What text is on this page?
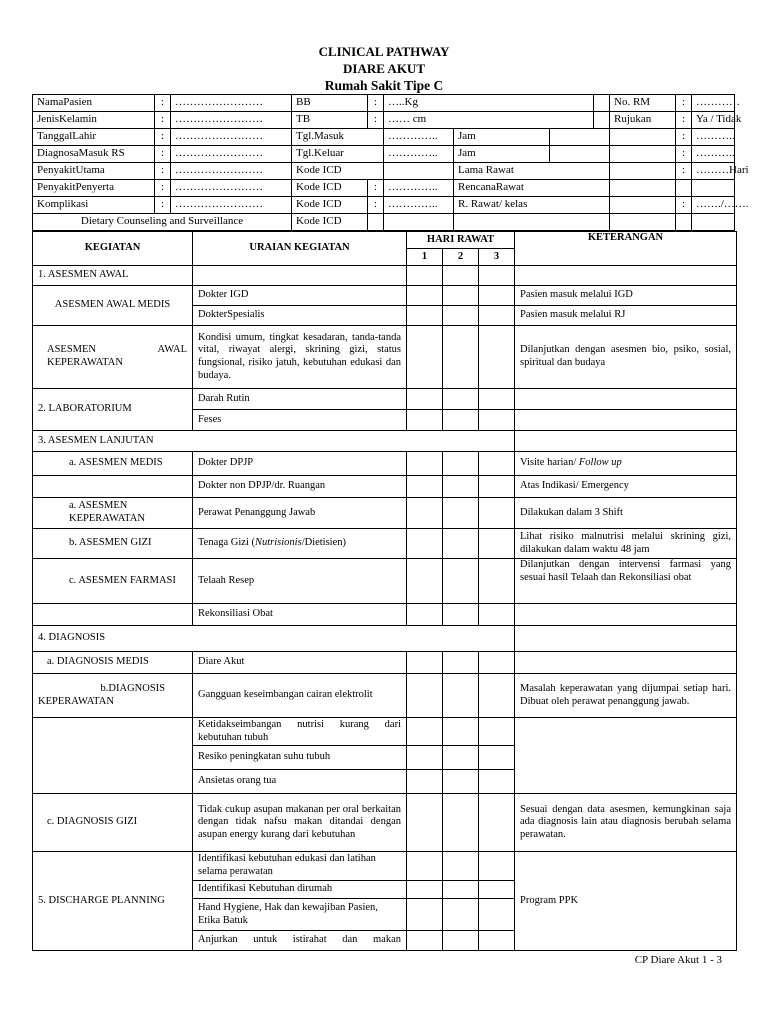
CLINICAL PATHWAY
DIARE AKUT
Rumah Sakit Tipe C
NamaPasien	:	……………………	BB	:	…..Kg				No. RM	:	…………
JenisKelamin	:	……………………	TB	:	…… cm				Rujukan	:	Ya / Tidak
TanggalLahir	:	……………………	Tgl.Masuk		…………..	Jam				:	………..
DiagnosaMasuk RS	:	……………………	Tgl.Keluar		…………..	Jam				:	………..
PenyakitUtama	:	……………………	Kode ICD			Lama Rawat				:	………Hari
PenyakitPenyerta	:	……………………	Kode ICD	:	…………..	RencanaRawat					
Komplikasi	:	……………………	Kode ICD	:	…………..	R. Rawat/ kelas				:	……./…….
Dietary Counseling and Surveillance			Kode ICD								
KEGIATAN	URAIAN KEGIATAN	HARI RAWAT			KETERANGAN
		1	2	3	
1. ASESMEN AWAL					
ASESMEN AWAL MEDIS	Dokter IGD				Pasien masuk melalui IGD
	DokterSpesialis				Pasien masuk melalui RJ
ASESMEN AWAL KEPERAWATAN	Kondisi umum, tingkat kesadaran, tanda-tanda vital, riwayat alergi, skrining gizi, status fungsional, risiko jatuh, kebutuhan edukasi dan budaya.				Dilanjutkan dengan asesmen bio, psiko, sosial, spiritual dan budaya
2. LABORATORIUM	Darah Rutin				
	Feses				
3. ASESMEN LANJUTAN					
a. ASESMEN MEDIS	Dokter DPJP				Visite harian/ Follow up
	Dokter non DPJP/dr. Ruangan				Atas Indikasi/ Emergency
a. ASESMEN KEPERAWATAN	Perawat Penanggung Jawab				Dilakukan dalam 3 Shift
b. ASESMEN GIZI	Tenaga Gizi (Nutrisionis/Dietisien)				Lihat risiko malnutrisi melalui skrining gizi, dilakukan dalam waktu 48 jam
c. ASESMEN FARMASI	Telaah Resep				Dilanjutkan dengan intervensi farmasi yang sesuai hasil Telaah dan Rekonsiliasi obat
	Rekonsiliasi Obat				
4. DIAGNOSIS					
a. DIAGNOSIS MEDIS	Diare Akut				

b.DIAGNOSIS KEPERAWATAN	Gangguan keseimbangan cairan elektrolit				Masalah keperawatan yang dijumpai setiap hari. Dibuat oleh perawat penanggung jawab.
	Ketidakseimbangan nutrisi kurang dari kebutuhan tubuh				
	Resiko peningkatan suhu tubuh				
	Ansietas orang tua				
c. DIAGNOSIS GIZI	Tidak cukup asupan makanan per oral berkaitan dengan tidak nafsu makan ditandai dengan asupan energy kurang dari kebutuhan				Sesuai dengan data asesmen, kemungkinan saja ada diagnosis lain atau diagnosis berubah selama perawatan.
5. DISCHARGE PLANNING	Identifikasi kebutuhan edukasi dan latihan selama perawatan				Program PPK
	Identifikasi Kebutuhan dirumah				
	Hand Hygiene, Hak dan kewajiban Pasien, Etika Batuk				
	Anjurkan untuk istirahat dan makan				
CP Diare Akut 1 - 3
